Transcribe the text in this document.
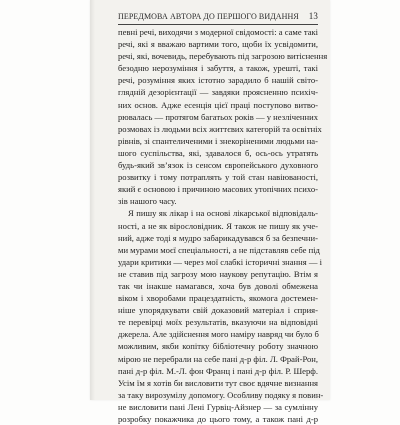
ПЕРЕДМОВА АВТОРА ДО ПЕРШОГО ВИДАННЯ 13
певні речі, виходячи з модерної свідомості: а саме такі
речі, які я вважаю вартими того, щоби їх усвідомити,
речі, які, вочевидь, перебувають під загрозою витіснення
безодню нерозуміння і забуття, а також, урешті, такі
речі, розуміння яких істотно зарадило б нашій світо-
глядній дезорієнтації — завдяки проясненню психіч-
них основ. Адже есенція цієї праці поступово витво-
рювалась — протягом багатьох років — у незліченних
розмовах із людьми всіх життєвих категорій та освітніх
рівнів, зі спантеличеними і знекоріненими людьми на-
шого суспільства, які, здавалося б, ось-ось утратять
будь-який зв’язок із сенсом європейського духовного
розвитку і тому потраплять у той стан навіюваності,
який є основою і причиною масових утопічних психо-
зів нашого часу.
Я пишу як лікар і на основі лікарської відповідаль-
ності, а не як вірословідник. Я також не пишу як уче-
ний, адже тоді я мудро забарикадувався б за безпечни-
ми мурами моєї спеціальності, а не підставляв себе під
удари критики — через мої слабкі історичні знання — і
не ставив під загрозу мою наукову репутацію. Втім я
так чи інакше намагався, хоча був доволі обмежена
віком і хворобами працездатність, якомога достемен-
ніше упорядкувати свій доказовий матеріал і сприя-
те перевірці моїх результатів, вказуючи на відповідні
джерела. Але здійснення мого наміру навряд чи було б
можливим, якби копітку бібліотечну роботу значною
мірою не перебрали на себе пані д-р філ. Л. Фрай-Рон,
пані д-р філ. М.-Л. фон Франц і пані д-р філ. Р. Шерф.
Усім їм я хотів би висловити тут своє вдячне визнання
за таку вирозумілу допомогу. Особливу подяку я повин-
не висловити пані Лені Гурвіц-Айзнер — за сумлінну
розробку покажчика до цього тому, а також пані д-р
